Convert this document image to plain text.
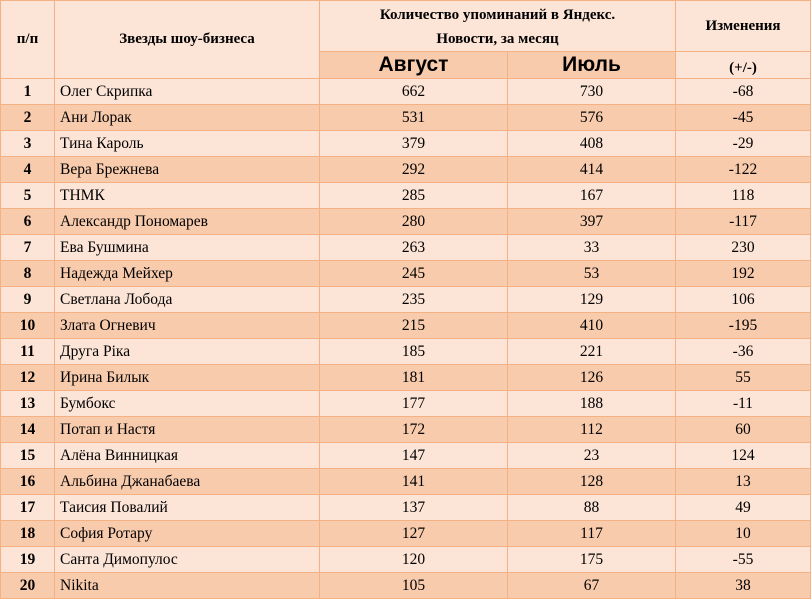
п/п	Звезды шоу-бизнеса	Количество упоминаний в Яндекс.
Новости, за месяц		Изменения
		Август	Июль	(+/-)
1	Олег Скрипка	662	730	-68
2	Ани Лорак	531	576	-45
3	Тина Кароль	379	408	-29
4	Вера Брежнева	292	414	-122
5	ТНМК	285	167	118
6	Александр Пономарев	280	397	-117
7	Ева Бушмина	263	33	230
8	Надежда Мейхер	245	53	192
9	Светлана Лобода	235	129	106
10	Злата Огневич	215	410	-195
11	Друга Ріка	185	221	-36
12	Ирина Билык	181	126	55
13	Бумбокс	177	188	-11
14	Потап и Настя	172	112	60
15	Алёна Винницкая	147	23	124
16	Альбина Джанабаева	141	128	13
17	Таисия Повалий	137	88	49
18	София Ротару	127	117	10
19	Санта Димопулос	120	175	-55
20	Nikita	105	67	38
